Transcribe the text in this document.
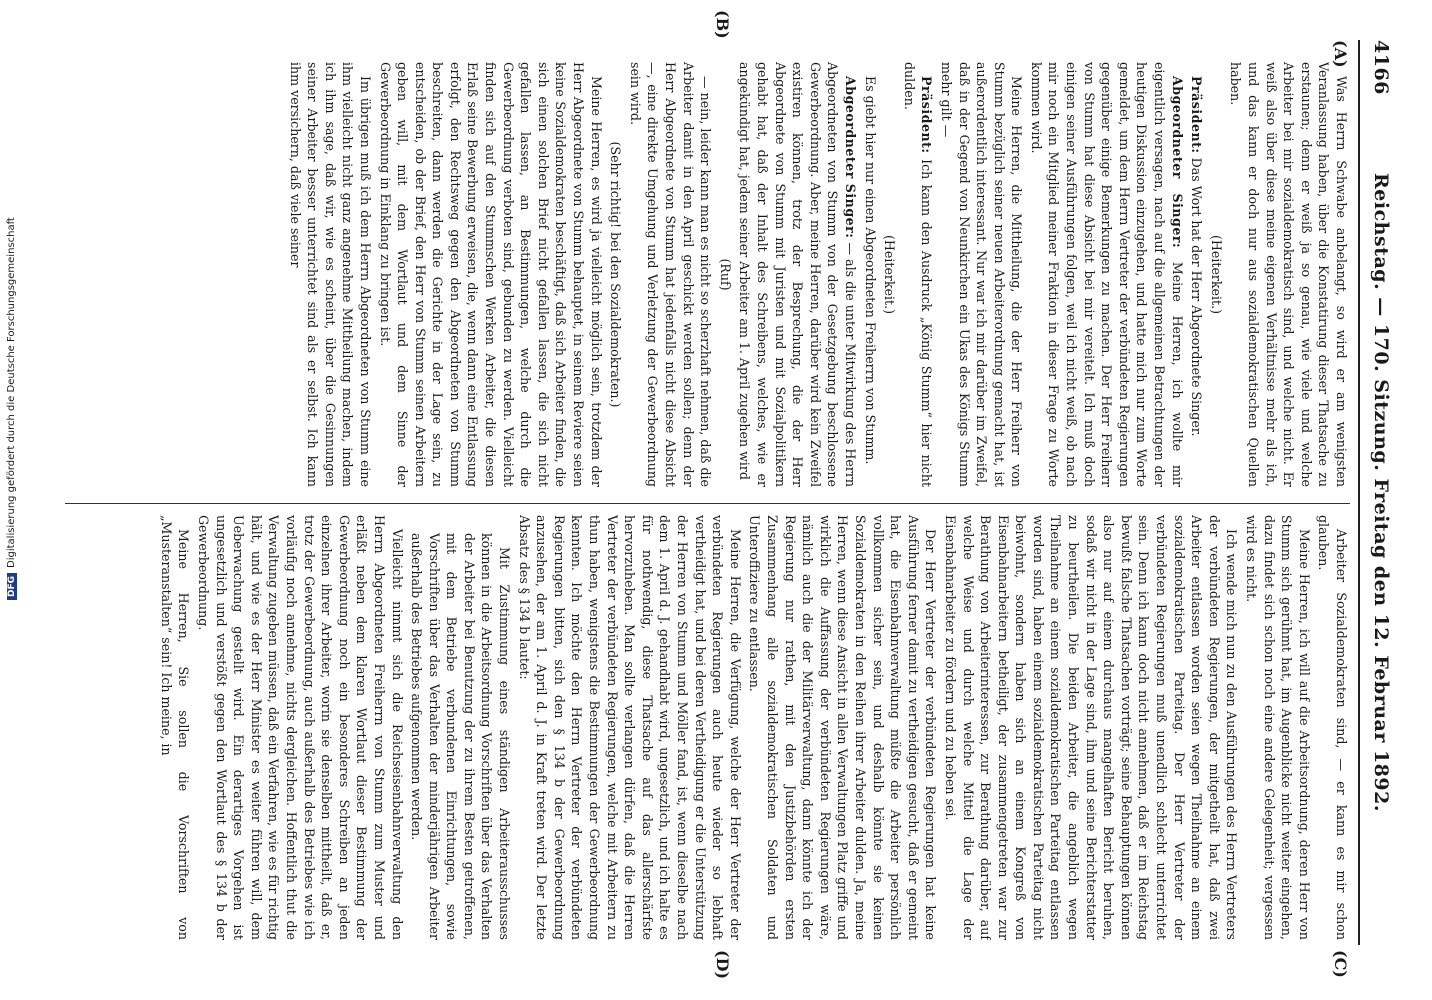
4166
Reichstag. — 170. Sitzung. Freitag den 12. Februar 1892.
(A)
(B)
(C)
(D)

Was Herrn Schwabe anbelangt, so wird er am wenigsten Veranlassung haben, über die Konstatirung dieser Thatsache zu erstaunen; denn er weiß ja so genau, wie viele und welche Arbeiter bei mir sozialdemokratisch sind, und welche nicht. Er weiß also über diese meine eigenen Verhältnisse mehr als ich, und das kann er doch nur aus sozialdemokratischen Quellen haben.

(Heiterkeit.)

Präsident: Das Wort hat der Herr Abgeordnete Singer.

Abgeordneter Singer: Meine Herren, ich wollte mir eigentlich versagen, nach auf die allgemeinen Betrachtungen der heutigen Diskussion einzugehen, und hatte mich nur zum Worte gemeldet, um dem Herrn Vertreter der verbündeten Regierungen gegenüber einige Bemerkungen zu machen. Der Herr Freiherr von Stumm hat diese Absicht bei mir vereitelt. Ich muß doch einigen seiner Ausführungen folgen, weil ich nicht weiß, ob nach mir noch ein Mitglied meiner Fraktion in dieser Frage zu Worte kommen wird.

Meine Herren, die Mittheilung, die der Herr Freiherr von Stumm bezüglich seiner neuen Arbeiterordnung gemacht hat, ist außerordentlich interessant. Nur war ich mir darüber im Zweifel, daß in der Gegend von Neunkirchen ein Ukas des Königs Stumm mehr gilt —

Präsident: Ich kann den Ausdruck „König Stumm“ hier nicht dulden.

(Heiterkeit.)

Es giebt hier nur einen Abgeordneten Freiherrn von Stumm.

Abgeordneter Singer: — als die unter Mitwirkung des Herrn Abgeordneten von Stumm von der Gesetzgebung beschlossene Gewerbeordnung. Aber, meine Herren, darüber wird kein Zweifel existiren können, trotz der Besprechung, die der Herr Abgeordnete von Stumm mit Juristen und mit Sozialpolitikern gehabt hat, daß der Inhalt des Schreibens, welches, wie er angekündigt hat, jedem seiner Arbeiter am 1. April zugehen wird

(Ruf)

— nein, leider kann man es nicht so scherzhaft nehmen, daß die Arbeiter damit in den April geschickt werden sollen; denn der Herr Abgeordnete von Stumm hat jedenfalls nicht diese Absicht —, eine direkte Umgehung und Verletzung der Gewerbeordnung sein wird.

(Sehr richtig! bei den Sozialdemokraten.)

Meine Herren, es wird ja vielleicht möglich sein, trotzdem der Herr Abgeordnete von Stumm behauptet, in seinem Reviere seien keine Sozialdemokraten beschäftigt, daß sich Arbeiter finden, die sich einen solchen Brief nicht gefallen lassen, die sich nicht gefallen lassen, an Bestimmungen, welche durch die Gewerbeordnung verboten sind, gebunden zu werden. Vielleicht finden sich auf den Stummschen Werken Arbeiter, die diesen Erlaß seine Bewerbung erweisen, die, wenn dann eine Entlassung erfolgt, den Rechtsweg gegen den Abgeordneten von Stumm beschreiten, dann werden die Gerichte in der Lage sein, zu entscheiden, ob der Brief, den Herr von Stumm seinen Arbeitern geben will, mit dem Wortlaut und dem Sinne der Gewerbeordnung in Einklang zu bringen ist.

Im übrigen muß ich dem Herrn Abgeordneten von Stumm eine ihm vielleicht nicht ganz angenehme Mittheilung machen, indem ich ihm sage, daß wir, wie es scheint, über die Gesinnungen seiner Arbeiter besser unterrichtet sind als er selbst. Ich kann ihm versichern, daß viele seiner

Arbeiter Sozialdemokraten sind, — er kann es mir schon glauben.

Meine Herren, ich will auf die Arbeitsordnung, deren Herr von Stumm sich gerühmt hat, im Augenblicke nicht weiter eingehen, dazu findet sich schon noch eine andere Gelegenheit; vergessen wird es nicht.

Ich wende mich nun zu den Ausführungen des Herrn Vertreters der verbündeten Regierungen, der mitgetheilt hat, daß zwei Arbeiter entlassen worden seien wegen Theilnahme an einem sozialdemokratischen Parteitag. Der Herr Vertreter der verbündeten Regierungen muß unendlich schlecht unterrichtet sein. Denn ich kann doch nicht annehmen, daß er im Reichstag bewußt falsche Thatsachen vorträgt; seine Behauptungen können also nur auf einem durchaus mangelhaften Bericht beruhen, sodaß wir nicht in der Lage sind, ihm und seine Berichterstatter zu beurtheilen. Die beiden Arbeiter, die angeblich wegen Theilnahme an einem sozialdemokratischen Parteitag entlassen worden sind, haben einem sozialdemokratischen Parteitag nicht beiwohnt, sondern haben sich an einem Kongreß von Eisenbahnarbeitern betheiligt, der zusammengetreten war zur Berathung von Arbeiterinteressen, zur Berathung darüber, auf welche Weise und durch welche Mittel die Lage der Eisenbahnarbeiter zu fördern und zu heben sei.

Der Herr Vertreter der verbündeten Regierungen hat keine Ausführung ferner damit zu vertheidigen gesucht, daß er gemeint hat, die Eisenbahnverwaltung müßte die Arbeiter persönlich vollkommen sicher sein, und deshalb könnte sie keinen Sozialdemokraten in den Reihen ihrer Arbeiter dulden. Ja, meine Herren, wenn diese Ansicht in allen Verwaltungen Platz griffe und wirklich die Auffassung der verbündeten Regierungen wäre, nämlich auch die der Militärverwaltung, dann könnte ich der Regierung nur rathen, mit den Justizbehörden ersten Zusammenhang alle sozialdemokratischen Soldaten und Unteroffiziere zu entlassen.

Meine Herren, die Verfügung, welche der Herr Vertreter der verbündeten Regierungen auch heute wieder so lebhaft vertheidigt hat, und bei deren Vertheidigung er die Unterstützung der Herren von Stumm und Möller fand, ist, wenn dieselbe nach dem 1. April d. J. gehandhabt wird, ungesetzlich, und ich halte es für nothwendig, diese Thatsache auf das allerschärfste hervorzuheben. Man sollte verlangen dürfen, daß die Herren Vertreter der verbündeten Regierungen, welche mit Arbeitern zu thun haben, wenigstens die Bestimmungen der Gewerbeordnung kennten. Ich möchte den Herrn Vertreter der verbündeten Regierungen bitten, sich den § 134 b der Gewerbeordnung anzusehen, der am 1. April d. J. in Kraft treten wird. Der letzte Absatz des § 134 b lautet:

Mit Zustimmung eines ständigen Arbeiterausschusses können in die Arbeitsordnung Vorschriften über das Verhalten der Arbeiter bei Benutzung der zu ihrem Besten getroffenen, mit dem Betriebe verbundenen Einrichtungen, sowie Vorschriften über das Verhalten der minderjährigen Arbeiter außerhalb des Betriebes aufgenommen werden.

Vielleicht nimmt sich die Reichseisenbahnverwaltung den Herrn Abgeordneten Freiherrn von Stumm zum Muster und erläßt neben dem klaren Wortlaut dieser Bestimmung der Gewerbeordnung noch ein besonderes Schreiben an jeden einzelnen ihrer Arbeiter, worin sie denselben mittheilt, daß er, trotz der Gewerbeordnung, auch außerhalb des Betriebes wie ich vorläufig noch annehme, nichts dergleichen. Hoffentlich thut die Verwaltung zugeben müssen, daß ein Verfahren, wie es für richtig hält, und wie es der Herr Minister es weiter führen will, dem Ueberwachung gestellt wird. Ein derartiges Vorgehen ist ungesetzlich und verstößt gegen den Wortlaut des § 134 b der Gewerbeordnung.

Meine Herren, Sie sollen die Vorschriften von „Musteranstalten“ sein! Ich meine, in

DFGDigitalisierung gefördert durch die Deutsche Forschungsgemeinschaft
